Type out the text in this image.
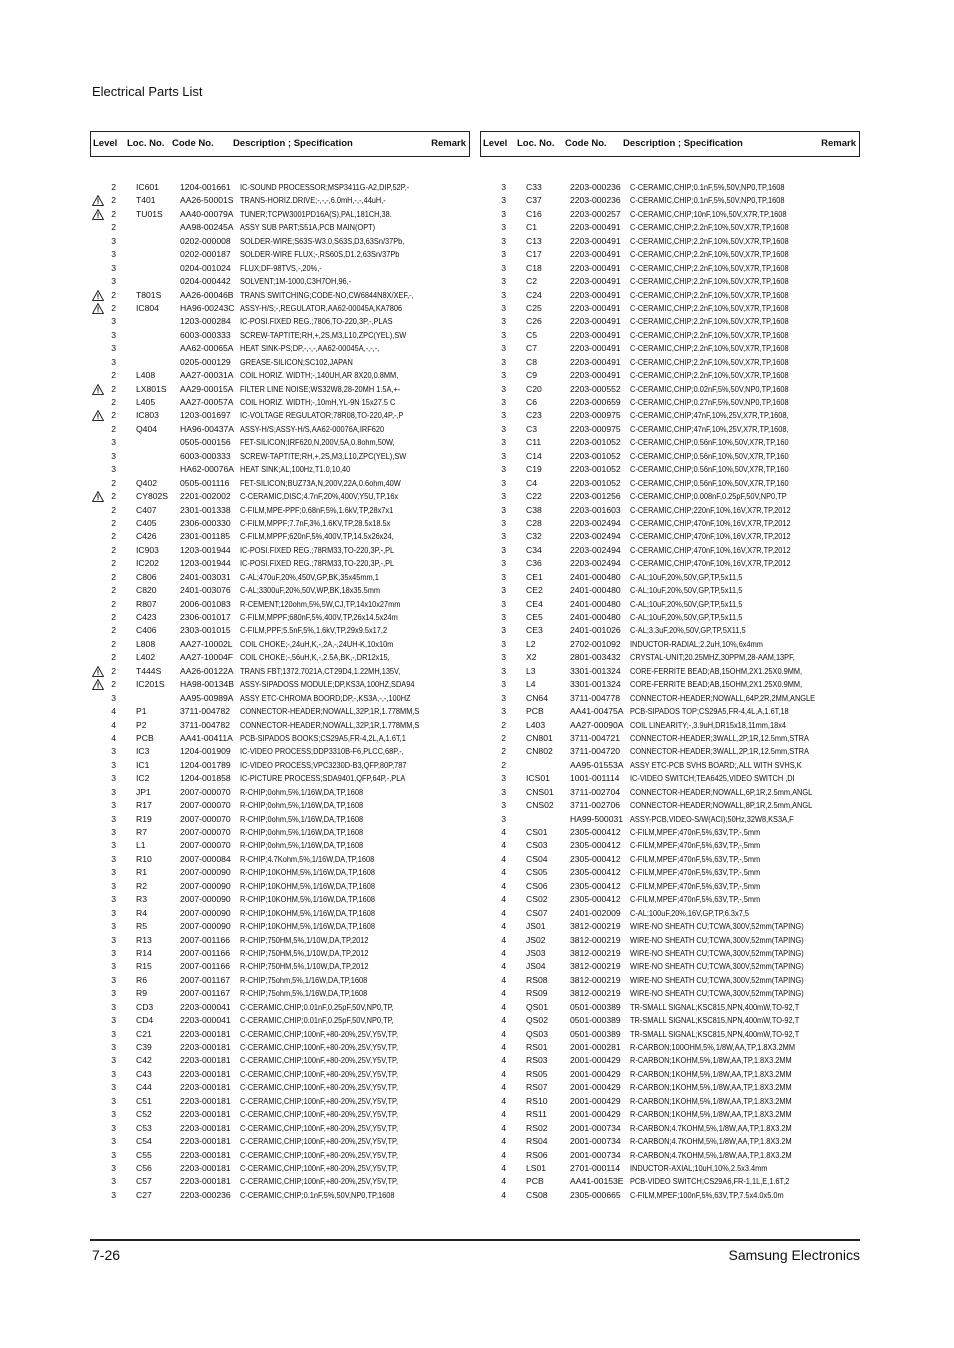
Electrical Parts List
Level Loc. No. Code No. Description ; Specification	Remark
2 IC601 1204-001661 IC-SOUND PROCESSOR;MSP3411G-A2,DIP,52P,-
2 T401	AA26-50001S TRANS-HORIZ.DRIVE;-,-,-,6.0mH,-,-,44uH,-
2 TU01S AA40-00079A TUNER;TCPW3001PD16A(S),PAL,181CH,38.
2	AA98-00245A ASSY SUB PART;S51A,PCB MAIN(OPT)
3	0202-000008 SOLDER-WIRE;S63S-W3.0,S63S,D3,63Sn/37Pb,
3	0202-000187 SOLDER-WIRE FLUX;-,RS60S,D1.2,63Sn/37Pb
3	0204-001024 FLUX;DF-98TVS,-,20%,-
3	0204-000442 SOLVENT;1M-1000,C3H7OH,96,-
2 T801S AA26-00046B TRANS SWITCHING;CODE-NO,CW6844N8X/XEF,-,
2 IC804 HA96-00243C ASSY-H/S;-,REGULATOR,AA62-00045A,KA7806
3	1203-000284 IC-POSI.FIXED REG.;7806,TO-220,3P,-,PLAS
3	6003-000333 SCREW-TAPTITE;RH,+,2S,M3,L10,ZPC(YEL),SW
3	AA62-00065A HEAT SINK-PS;DP,-,-,-,AA62-00045A,-,-,-,
3	0205-000129 GREASE-SILICON;SC102,JAPAN
2 L408	AA27-00031A COIL HORIZ. WIDTH;-,140UH,AR 8X20,0.8MM,
2 LX801S AA29-00015A FILTER LINE NOISE;WS32W8,28-20MH 1.5A,+-
2 L405	AA27-00057A COIL HORIZ. WIDTH;-,10mH,YL-9N 15x27.5 C
2 IC803 1203-001697 IC-VOLTAGE REGULATOR;78R08,TO-220,4P,-,P
2 Q404	HA96-00437A ASSY-H/S;ASSY-H/S,AA62-00076A,IRF620
3	0505-000156 FET-SILICON;IRF620,N,200V,5A,0.8ohm,50W,
3	6003-000333 SCREW-TAPTITE;RH,+,2S,M3,L10,ZPC(YEL),SW
3	HA62-00076A HEAT SINK;AL,100Hz,T1.0,10,40
2 Q402	0505-001116 FET-SILICON;BUZ73A,N,200V,22A,0.6ohm,40W
2 CY802S 2201-002002 C-CERAMIC,DISC;4.7nF,20%,400V,Y5U,TP,16x
2 C407	2301-001338 C-FILM,MPE-PPF;0.68nF,5%,1.6kV,TP,28x7x1
2 C405	2306-000330 C-FILM,MPPF;7.7nF,3%,1.6KV,TP,28.5x18.5x
2 C426	2301-001185 C-FILM,MPPF;620nF,5%,400V,TP,14.5x26x24,
2 IC903 1203-001944 IC-POSI.FIXED REG.;78RM33,TO-220,3P,-,PL
2 IC202 1203-001944 IC-POSI.FIXED REG.;78RM33,TO-220,3P,-,PL
2 C806	2401-003031 C-AL;470uF,20%,450V,GP,BK,35x45mm,1
2 C820	2401-003076 C-AL;3300uF,20%,50V,WP,BK,18x35.5mm
2 R807	2006-001083 R-CEMENT;120ohm,5%,5W,CJ,TP,14x10x27mm
2 C423	2306-001017 C-FILM,MPPF;680nF,5%,400V,TP,26x14.5x24m
2 C406	2303-001015 C-FILM,PPF;5.5nF,5%,1.6kV,TP,29x9.5x17,2
2 L808	AA27-10002L COIL CHOKE;-,24uH,K,-,2A,-,24UH-K,10x10m
2 L402	AA27-10004F COIL CHOKE;-,56uH,K,-,2.5A,BK,-,DR12x15,
2 T444S AA26-00122A TRANS FBT;1372.7021A,CT29D4,1.22MH,135V,
2 IC201S HA98-00134B ASSY-SIPADOSS MODULE;DP,KS3A,100HZ,SDA94
3	AA95-00989A ASSY ETC-CHROMA BOORD;DP,-,KS3A,-,-,100HZ
4 P1	3711-004782 CONNECTOR-HEADER;NOWALL,32P,1R,1.778MM,S
4 P2	3711-004782 CONNECTOR-HEADER;NOWALL,32P,1R,1.778MM,S
4 PCB	AA41-00411A PCB-SIPADOS BOOKS;CS29A5,FR-4,2L,A,1.6T,1
3 IC3	1204-001909 IC-VIDEO PROCESS;DDP3310B-F6,PLCC,68P,-,
3 IC1	1204-001789 IC-VIDEO PROCESS;VPC3230D-B3,QFP,80P,787
3 IC2	1204-001858 IC-PICTURE PROCESS;SDA9401,QFP,64P,-,PLA
3 JP1	2007-000070 R-CHIP;0ohm,5%,1/16W,DA,TP,1608
3 R17	2007-000070 R-CHIP;0ohm,5%,1/16W,DA,TP,1608
3 R19	2007-000070 R-CHIP;0ohm,5%,1/16W,DA,TP,1608
3 R7	2007-000070 R-CHIP;0ohm,5%,1/16W,DA,TP,1608
3 L1	2007-000070 R-CHIP;0ohm,5%,1/16W,DA,TP,1608
3 R10	2007-000084 R-CHIP;4.7Kohm,5%,1/16W,DA,TP,1608
3 R1	2007-000090 R-CHIP;10KOHM,5%,1/16W,DA,TP,1608
3 R2	2007-000090 R-CHIP;10KOHM,5%,1/16W,DA,TP,1608
3 R3	2007-000090 R-CHIP;10KOHM,5%,1/16W,DA,TP,1608
3 R4	2007-000090 R-CHIP;10KOHM,5%,1/16W,DA,TP,1608
3 R5	2007-000090 R-CHIP;10KOHM,5%,1/16W,DA,TP,1608
3 R13	2007-001166 R-CHIP;750HM,5%,1/10W,DA,TP,2012
3 R14	2007-001166 R-CHIP;750HM,5%,1/10W,DA,TP,2012
3 R15	2007-001166 R-CHIP;750HM,5%,1/10W,DA,TP,2012
3 R6	2007-001167 R-CHIP;75ohm,5%,1/16W,DA,TP,1608
3 R9	2007-001167 R-CHIP;75ohm,5%,1/16W,DA,TP,1608
3 CD3	2203-000041 C-CERAMIC,CHIP;0.01nF,0.25pF,50V,NP0,TP,
3 CD4	2203-000041 C-CERAMIC,CHIP;0.01nF,0.25pF,50V,NP0,TP,
3 C21	2203-000181 C-CERAMIC,CHIP;100nF,+80-20%,25V,Y5V,TP,
3 C39	2203-000181 C-CERAMIC,CHIP;100nF,+80-20%,25V,Y5V,TP,
3 C42	2203-000181 C-CERAMIC,CHIP;100nF,+80-20%,25V,Y5V,TP,
3 C43	2203-000181 C-CERAMIC,CHIP;100nF,+80-20%,25V,Y5V,TP,
3 C44	2203-000181 C-CERAMIC,CHIP;100nF,+80-20%,25V,Y5V,TP,
3 C51	2203-000181 C-CERAMIC,CHIP;100nF,+80-20%,25V,Y5V,TP,
3 C52	2203-000181 C-CERAMIC,CHIP;100nF,+80-20%,25V,Y5V,TP,
3 C53	2203-000181 C-CERAMIC,CHIP;100nF,+80-20%,25V,Y5V,TP,
3 C54	2203-000181 C-CERAMIC,CHIP;100nF,+80-20%,25V,Y5V,TP,
3 C55	2203-000181 C-CERAMIC,CHIP;100nF,+80-20%,25V,Y5V,TP,
3 C56	2203-000181 C-CERAMIC,CHIP;100nF,+80-20%,25V,Y5V,TP,
3 C57	2203-000181 C-CERAMIC,CHIP;100nF,+80-20%,25V,Y5V,TP,
3 C27	2203-000236 C-CERAMIC,CHIP;0.1nF,5%,50V,NP0,TP,1608
Level Loc. No. Code No. Description ; Specification	Remark
3 C33	2203-000236 C-CERAMIC,CHIP;0.1nF,5%,50V,NP0,TP,1608
3 C37	2203-000236 C-CERAMIC,CHIP;0.1nF,5%,50V,NP0,TP,1608
3 C16	2203-000257 C-CERAMIC,CHIP;10nF,10%,50V,X7R,TP,1608
3 C1	2203-000491 C-CERAMIC,CHIP;2.2nF,10%,50V,X7R,TP,1608
3 C13	2203-000491 C-CERAMIC,CHIP;2.2nF,10%,50V,X7R,TP,1608
3 C17	2203-000491 C-CERAMIC,CHIP;2.2nF,10%,50V,X7R,TP,1608
3 C18	2203-000491 C-CERAMIC,CHIP;2.2nF,10%,50V,X7R,TP,1608
3 C2	2203-000491 C-CERAMIC,CHIP;2.2nF,10%,50V,X7R,TP,1608
3 C24	2203-000491 C-CERAMIC,CHIP;2.2nF,10%,50V,X7R,TP,1608
3 C25	2203-000491 C-CERAMIC,CHIP;2.2nF,10%,50V,X7R,TP,1608
3 C26	2203-000491 C-CERAMIC,CHIP;2.2nF,10%,50V,X7R,TP,1608
3 C5	2203-000491 C-CERAMIC,CHIP;2.2nF,10%,50V,X7R,TP,1608
3 C7	2203-000491 C-CERAMIC,CHIP;2.2nF,10%,50V,X7R,TP,1608
3 C8	2203-000491 C-CERAMIC,CHIP;2.2nF,10%,50V,X7R,TP,1608
3 C9	2203-000491 C-CERAMIC,CHIP;2.2nF,10%,50V,X7R,TP,1608
3 C20	2203-000552 C-CERAMIC,CHIP;0.02nF,5%,50V,NP0,TP,1608
3 C6	2203-000659 C-CERAMIC,CHIP;0.27nF,5%,50V,NP0,TP,1608
3 C23	2203-000975 C-CERAMIC,CHIP;47nF,10%,25V,X7R,TP,1608,
3 C3	2203-000975 C-CERAMIC,CHIP;47nF,10%,25V,X7R,TP,1608,
3 C11	2203-001052 C-CERAMIC,CHIP;0.56nF,10%,50V,X7R,TP,160
3 C14	2203-001052 C-CERAMIC,CHIP;0.56nF,10%,50V,X7R,TP,160
3 C19	2203-001052 C-CERAMIC,CHIP;0.56nF,10%,50V,X7R,TP,160
3 C4	2203-001052 C-CERAMIC,CHIP;0.56nF,10%,50V,X7R,TP,160
3 C22	2203-001256 C-CERAMIC,CHIP;0.008nF,0.25pF,50V,NP0,TP
3 C38	2203-001603 C-CERAMIC,CHIP;220nF,10%,16V,X7R,TP,2012
3 C28	2203-002494 C-CERAMIC,CHIP;470nF,10%,16V,X7R,TP,2012
3 C32	2203-002494 C-CERAMIC,CHIP;470nF,10%,16V,X7R,TP,2012
3 C34	2203-002494 C-CERAMIC,CHIP;470nF,10%,16V,X7R,TP,2012
3 C36	2203-002494 C-CERAMIC,CHIP;470nF,10%,16V,X7R,TP,2012
3 CE1	2401-000480 C-AL;10uF,20%,50V,GP,TP,5x11,5
3 CE2	2401-000480 C-AL;10uF,20%,50V,GP,TP,5x11,5
3 CE4	2401-000480 C-AL;10uF,20%,50V,GP,TP,5x11,5
3 CE5	2401-000480 C-AL;10uF,20%,50V,GP,TP,5x11,5
3 CE3	2401-001026 C-AL;3.3uF,20%,50V,GP,TP,5X11,5
3 L2	2702-001092 INDUCTOR-RADIAL;2.2uH,10%,6x4mm
3 X2	2801-003432 CRYSTAL-UNIT;20.25MHZ,30PPM,28-AAM,13PF,
3 L3	3301-001324 CORE-FERRITE BEAD;AB,15OHM,2X1.25X0.9MM,
3 L4	3301-001324 CORE-FERRITE BEAD;AB,15OHM,2X1.25X0.9MM,
3 CN64	3711-004778 CONNECTOR-HEADER;NOWALL,64P,2R,2MM,ANGLE
3 PCB	AA41-00475A PCB-SIPADOS TOP;CS29A5,FR-4,4L,A,1.6T,18
2 L403	AA27-00090A COIL LINEARITY;-,3.9uH,DR15x18,11mm,18x4
2 CN801 3711-004721 CONNECTOR-HEADER;3WALL,2P,1R,12.5mm,STRA
2 CN802 3711-004720 CONNECTOR-HEADER;3WALL,2P,1R,12.5mm,STRA
2	AA95-01553A ASSY ETC-PCB SVHS BOARD;,ALL WITH SVHS,K
3 ICS01 1001-001114 IC-VIDEO SWITCH;TEA6425,VIDEO SWITCH ,DI
3 CNS01 3711-002704 CONNECTOR-HEADER;NOWALL,6P,1R,2.5mm,ANGL
3 CNS02 3711-002706 CONNECTOR-HEADER;NOWALL,8P,1R,2.5mm,ANGL
3	HA99-500031 ASSY-PCB,VIDEO-S/W(ACI);50Hz,32W8,KS3A,F
4 CS01	2305-000412 C-FILM,MPEF;470nF,5%,63V,TP,-,5mm
4 CS03	2305-000412 C-FILM,MPEF;470nF,5%,63V,TP,-,5mm
4 CS04	2305-000412 C-FILM,MPEF;470nF,5%,63V,TP,-,5mm
4 CS05	2305-000412 C-FILM,MPEF;470nF,5%,63V,TP,-,5mm
4 CS06	2305-000412 C-FILM,MPEF;470nF,5%,63V,TP,-,5mm
4 CS02	2305-000412 C-FILM,MPEF;470nF,5%,63V,TP,-,5mm
4 CS07	2401-002009 C-AL;100uF,20%,16V,GP,TP,6.3x7,5
4 JS01	3812-000219 WIRE-NO SHEATH CU;TCWA,300V,52mm(TAPING)
4 JS02	3812-000219 WIRE-NO SHEATH CU;TCWA,300V,52mm(TAPING)
4 JS03	3812-000219 WIRE-NO SHEATH CU;TCWA,300V,52mm(TAPING)
4 JS04	3812-000219 WIRE-NO SHEATH CU;TCWA,300V,52mm(TAPING)
4 RS08	3812-000219 WIRE-NO SHEATH CU;TCWA,300V,52mm(TAPING)
4 RS09	3812-000219 WIRE-NO SHEATH CU;TCWA,300V,52mm(TAPING)
4 QS01	0501-000389 TR-SMALL SIGNAL;KSC815,NPN,400mW,TO-92,T
4 QS02	0501-000389 TR-SMALL SIGNAL;KSC815,NPN,400mW,TO-92,T
4 QS03	0501-000389 TR-SMALL SIGNAL;KSC815,NPN,400mW,TO-92,T
4 RS01	2001-000281 R-CARBON;100OHM,5%,1/8W,AA,TP,1.8X3.2MM
4 RS03	2001-000429 R-CARBON;1KOHM,5%,1/8W,AA,TP,1.8X3.2MM
4 RS05	2001-000429 R-CARBON;1KOHM,5%,1/8W,AA,TP,1.8X3.2MM
4 RS07	2001-000429 R-CARBON;1KOHM,5%,1/8W,AA,TP,1.8X3.2MM
4 RS10	2001-000429 R-CARBON;1KOHM,5%,1/8W,AA,TP,1.8X3.2MM
4 RS11	2001-000429 R-CARBON;1KOHM,5%,1/8W,AA,TP,1.8X3.2MM
4 RS02	2001-000734 R-CARBON;4.7KOHM,5%,1/8W,AA,TP,1.8X3.2M
4 RS04	2001-000734 R-CARBON;4.7KOHM,5%,1/8W,AA,TP,1.8X3.2M
4 RS06	2001-000734 R-CARBON;4.7KOHM,5%,1/8W,AA,TP,1.8X3.2M
4 LS01	2701-000114 INDUCTOR-AXIAL;10uH,10%,2.5x3.4mm
4 PCB	AA41-00153E PCB-VIDEO SWITCH;CS29A6,FR-1,1L,E,1.6T,2
4 CS08	2305-000665 C-FILM,MPEF;100nF,5%,63V,TP,7.5x4.0x5.0m
7-26	Samsung Electronics
